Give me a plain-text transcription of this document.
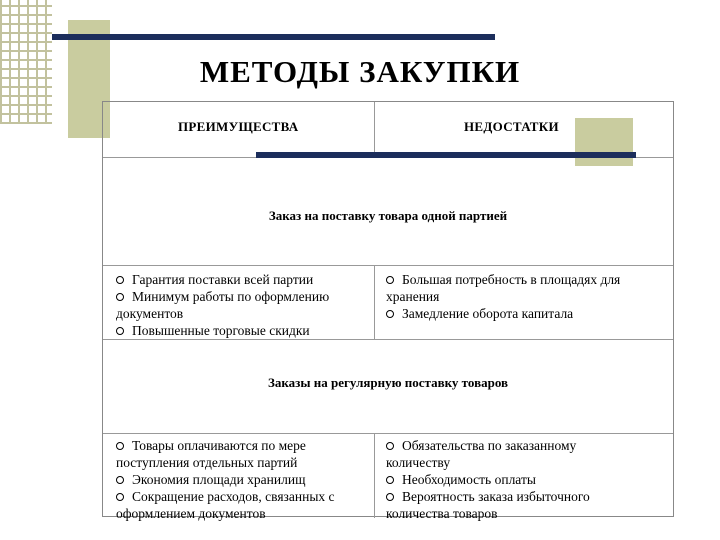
МЕТОДЫ ЗАКУПКИ
ПРЕИМУЩЕСТВА	НЕДОСТАТКИ
Заказ на поставку товара одной партией
Гарантия поставки всей партии
Минимум работы по оформлению
документов
Повышенные торговые скидки
Большая потребность в площадях для
хранения
Замедление оборота капитала
Заказы на регулярную поставку товаров
Товары оплачиваются по мере
поступления отдельных партий
Экономия площади хранилищ
Сокращение расходов, связанных с
оформлением документов
Обязательства по заказанному
количеству
Необходимость оплаты
Вероятность заказа избыточного
количества товаров
